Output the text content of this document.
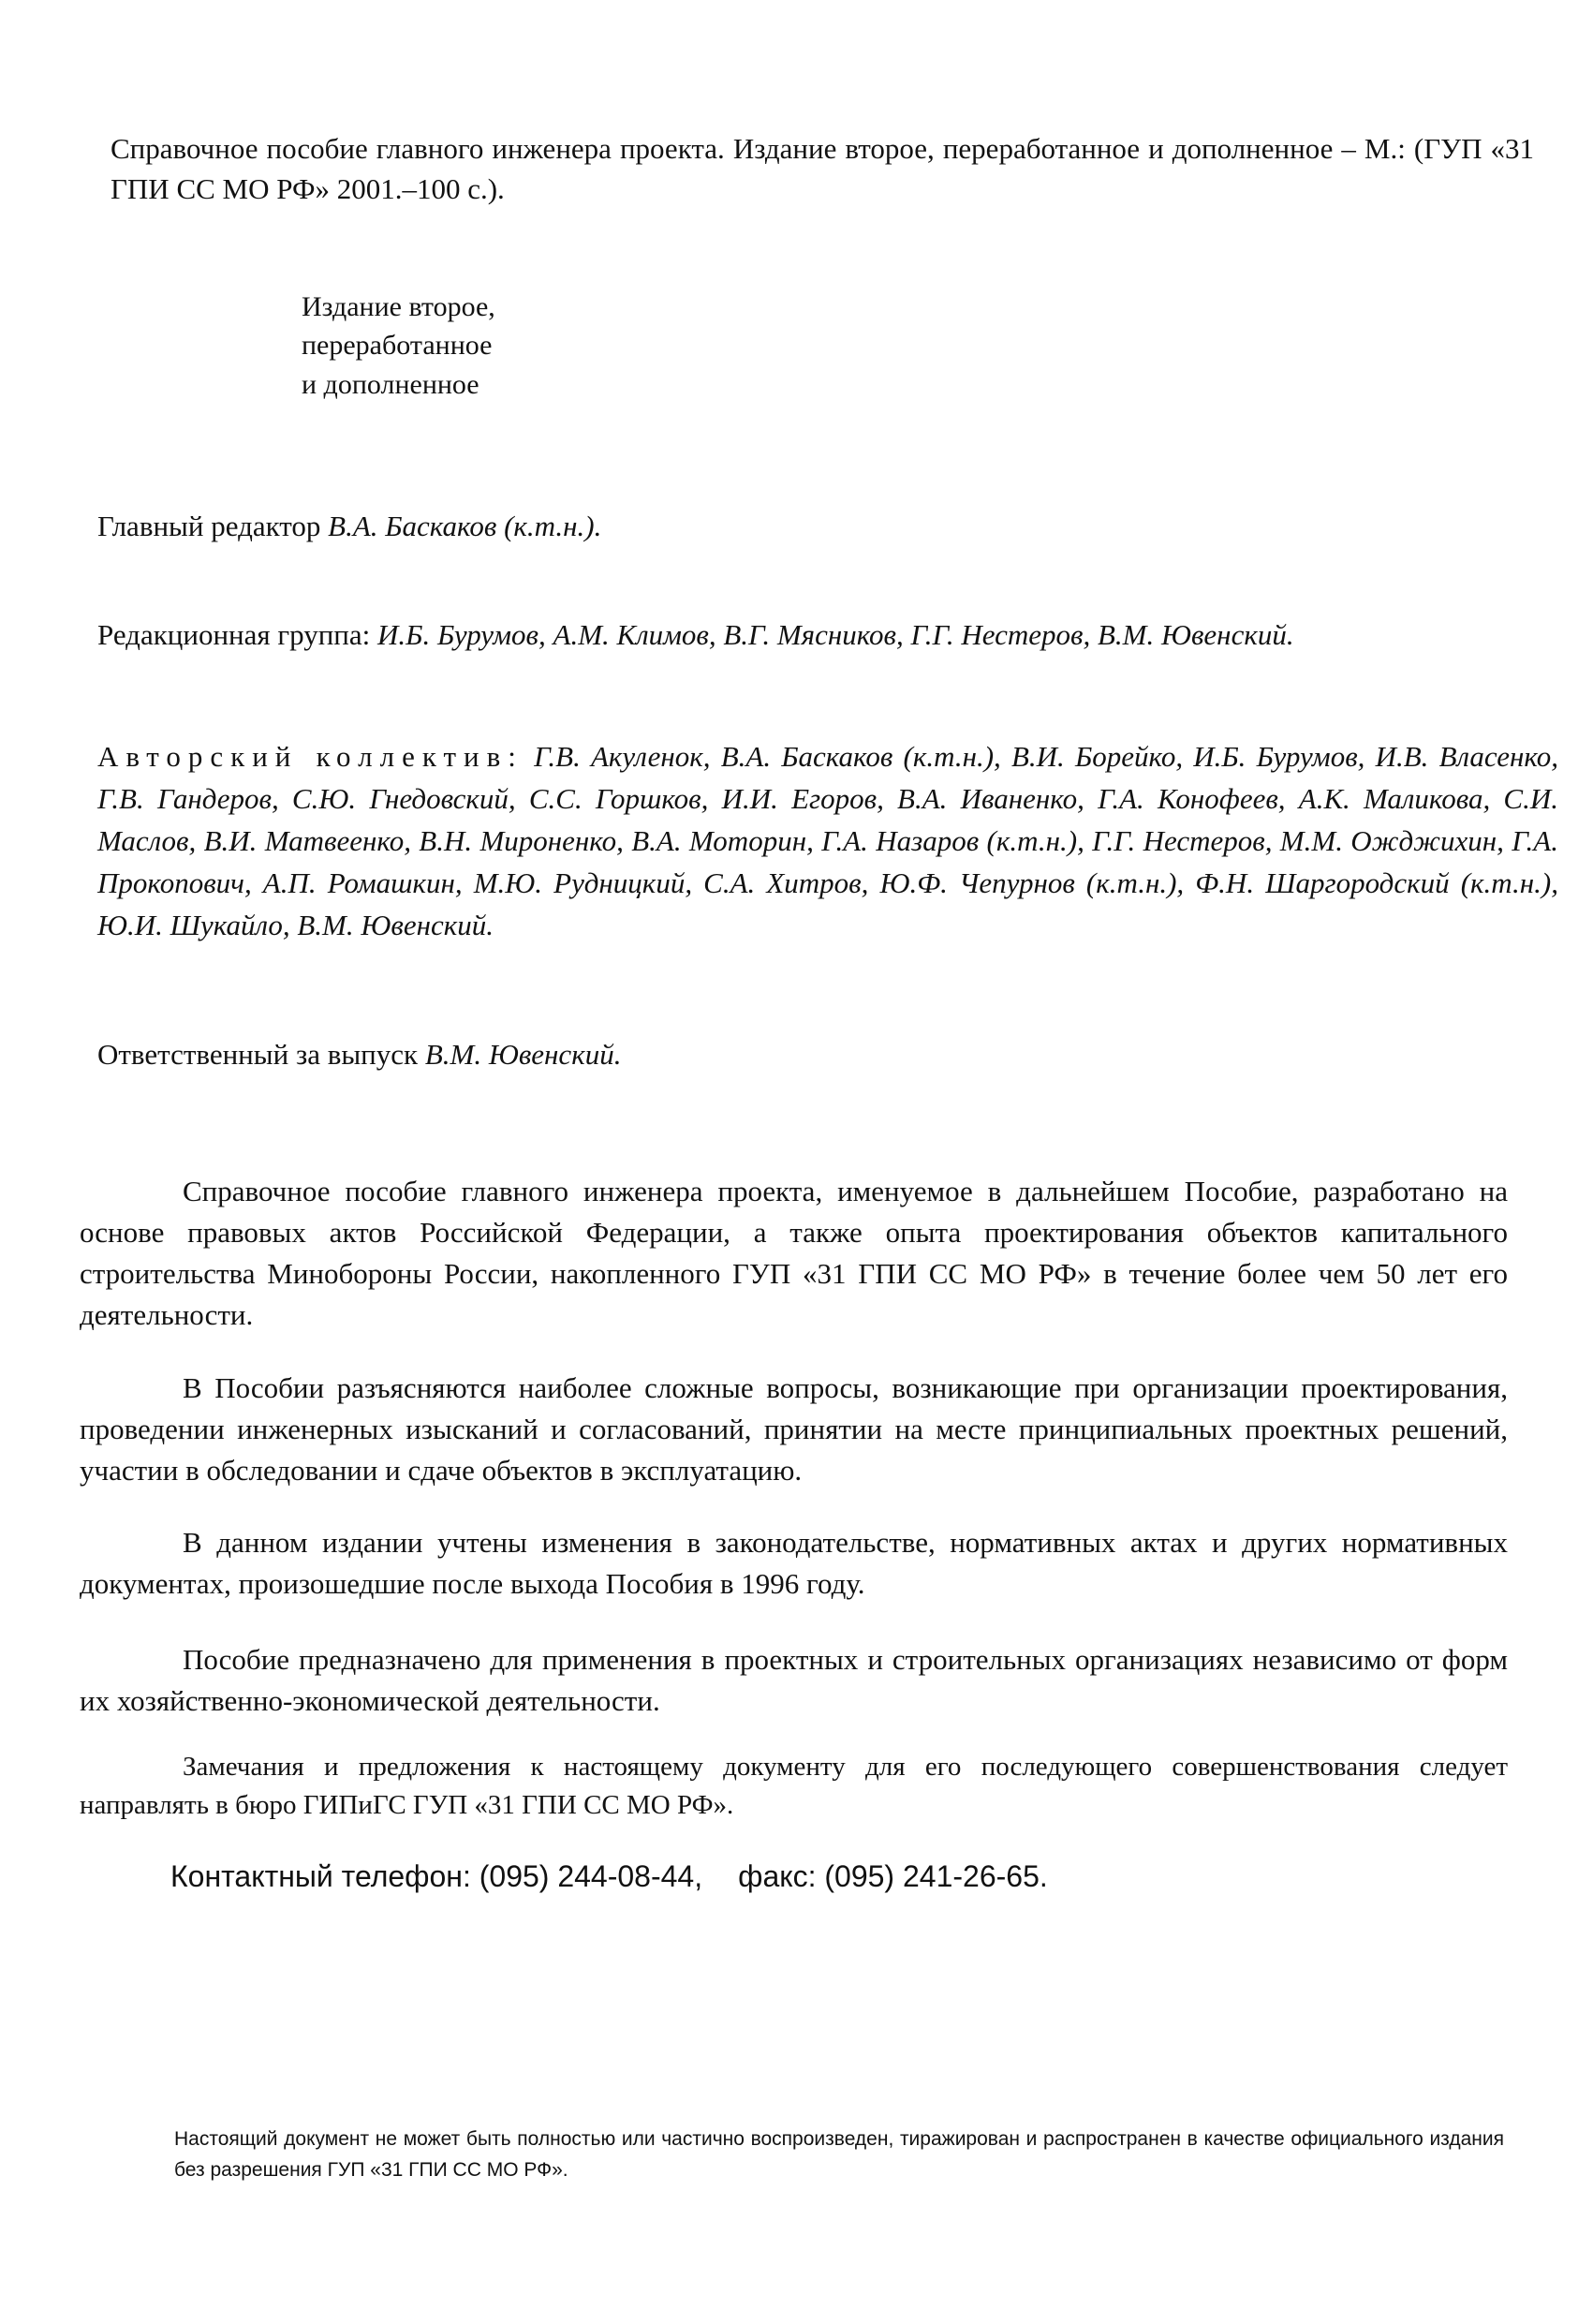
Справочное пособие главного инженера проекта. Издание второе, переработанное и дополненное – М.: (ГУП «31 ГПИ СС МО РФ» 2001.–100 с.).

Издание второе,
переработанное
и дополненное

Главный редактор В.А. Баскаков (к.т.н.).

Редакционная группа: И.Б. Бурумов, А.М. Климов, В.Г. Мясников, Г.Г. Нестеров, В.М. Ювенский.

Авторский коллектив: Г.В. Акуленок, В.А. Баскаков (к.т.н.), В.И. Борейко, И.Б. Бурумов, И.В. Власенко, Г.В. Гандеров, С.Ю. Гнедовский, С.С. Горшков, И.И. Егоров, В.А. Иваненко, Г.А. Конофеев, А.К. Маликова, С.И. Маслов, В.И. Матвеенко, В.Н. Мироненко, В.А. Моторин, Г.А. Назаров (к.т.н.), Г.Г. Нестеров, М.М. Ожджихин, Г.А. Прокопович, А.П. Ромашкин, М.Ю. Рудницкий, С.А. Хитров, Ю.Ф. Чепурнов (к.т.н.), Ф.Н. Шаргородский (к.т.н.), Ю.И. Шукайло, В.М. Ювенский.

Ответственный за выпуск В.М. Ювенский.

Справочное пособие главного инженера проекта, именуемое в дальнейшем Пособие, разработано на основе правовых актов Российской Федерации, а также опыта проектирования объектов капитального строительства Минобороны России, накопленного ГУП «31 ГПИ СС МО РФ» в течение более чем 50 лет его деятельности.

В Пособии разъясняются наиболее сложные вопросы, возникающие при организации проектирования, проведении инженерных изысканий и согласований, принятии на месте принципиальных проектных решений, участии в обследовании и сдаче объектов в эксплуатацию.

В данном издании учтены изменения в законодательстве, нормативных актах и других нормативных документах, произошедшие после выхода Пособия в 1996 году.

Пособие предназначено для применения в проектных и строительных организациях независимо от форм их хозяйственно-экономической деятельности.

Замечания и предложения к настоящему документу для его последующего совершенствования следует направлять в бюро ГИПиГС ГУП «31 ГПИ СС МО РФ».

Контактный телефон: (095) 244-08-44, факс: (095) 241-26-65.

Настоящий документ не может быть полностью или частично воспроизведен, тиражирован и распространен в качестве официального издания без разрешения ГУП «31 ГПИ СС МО РФ».
